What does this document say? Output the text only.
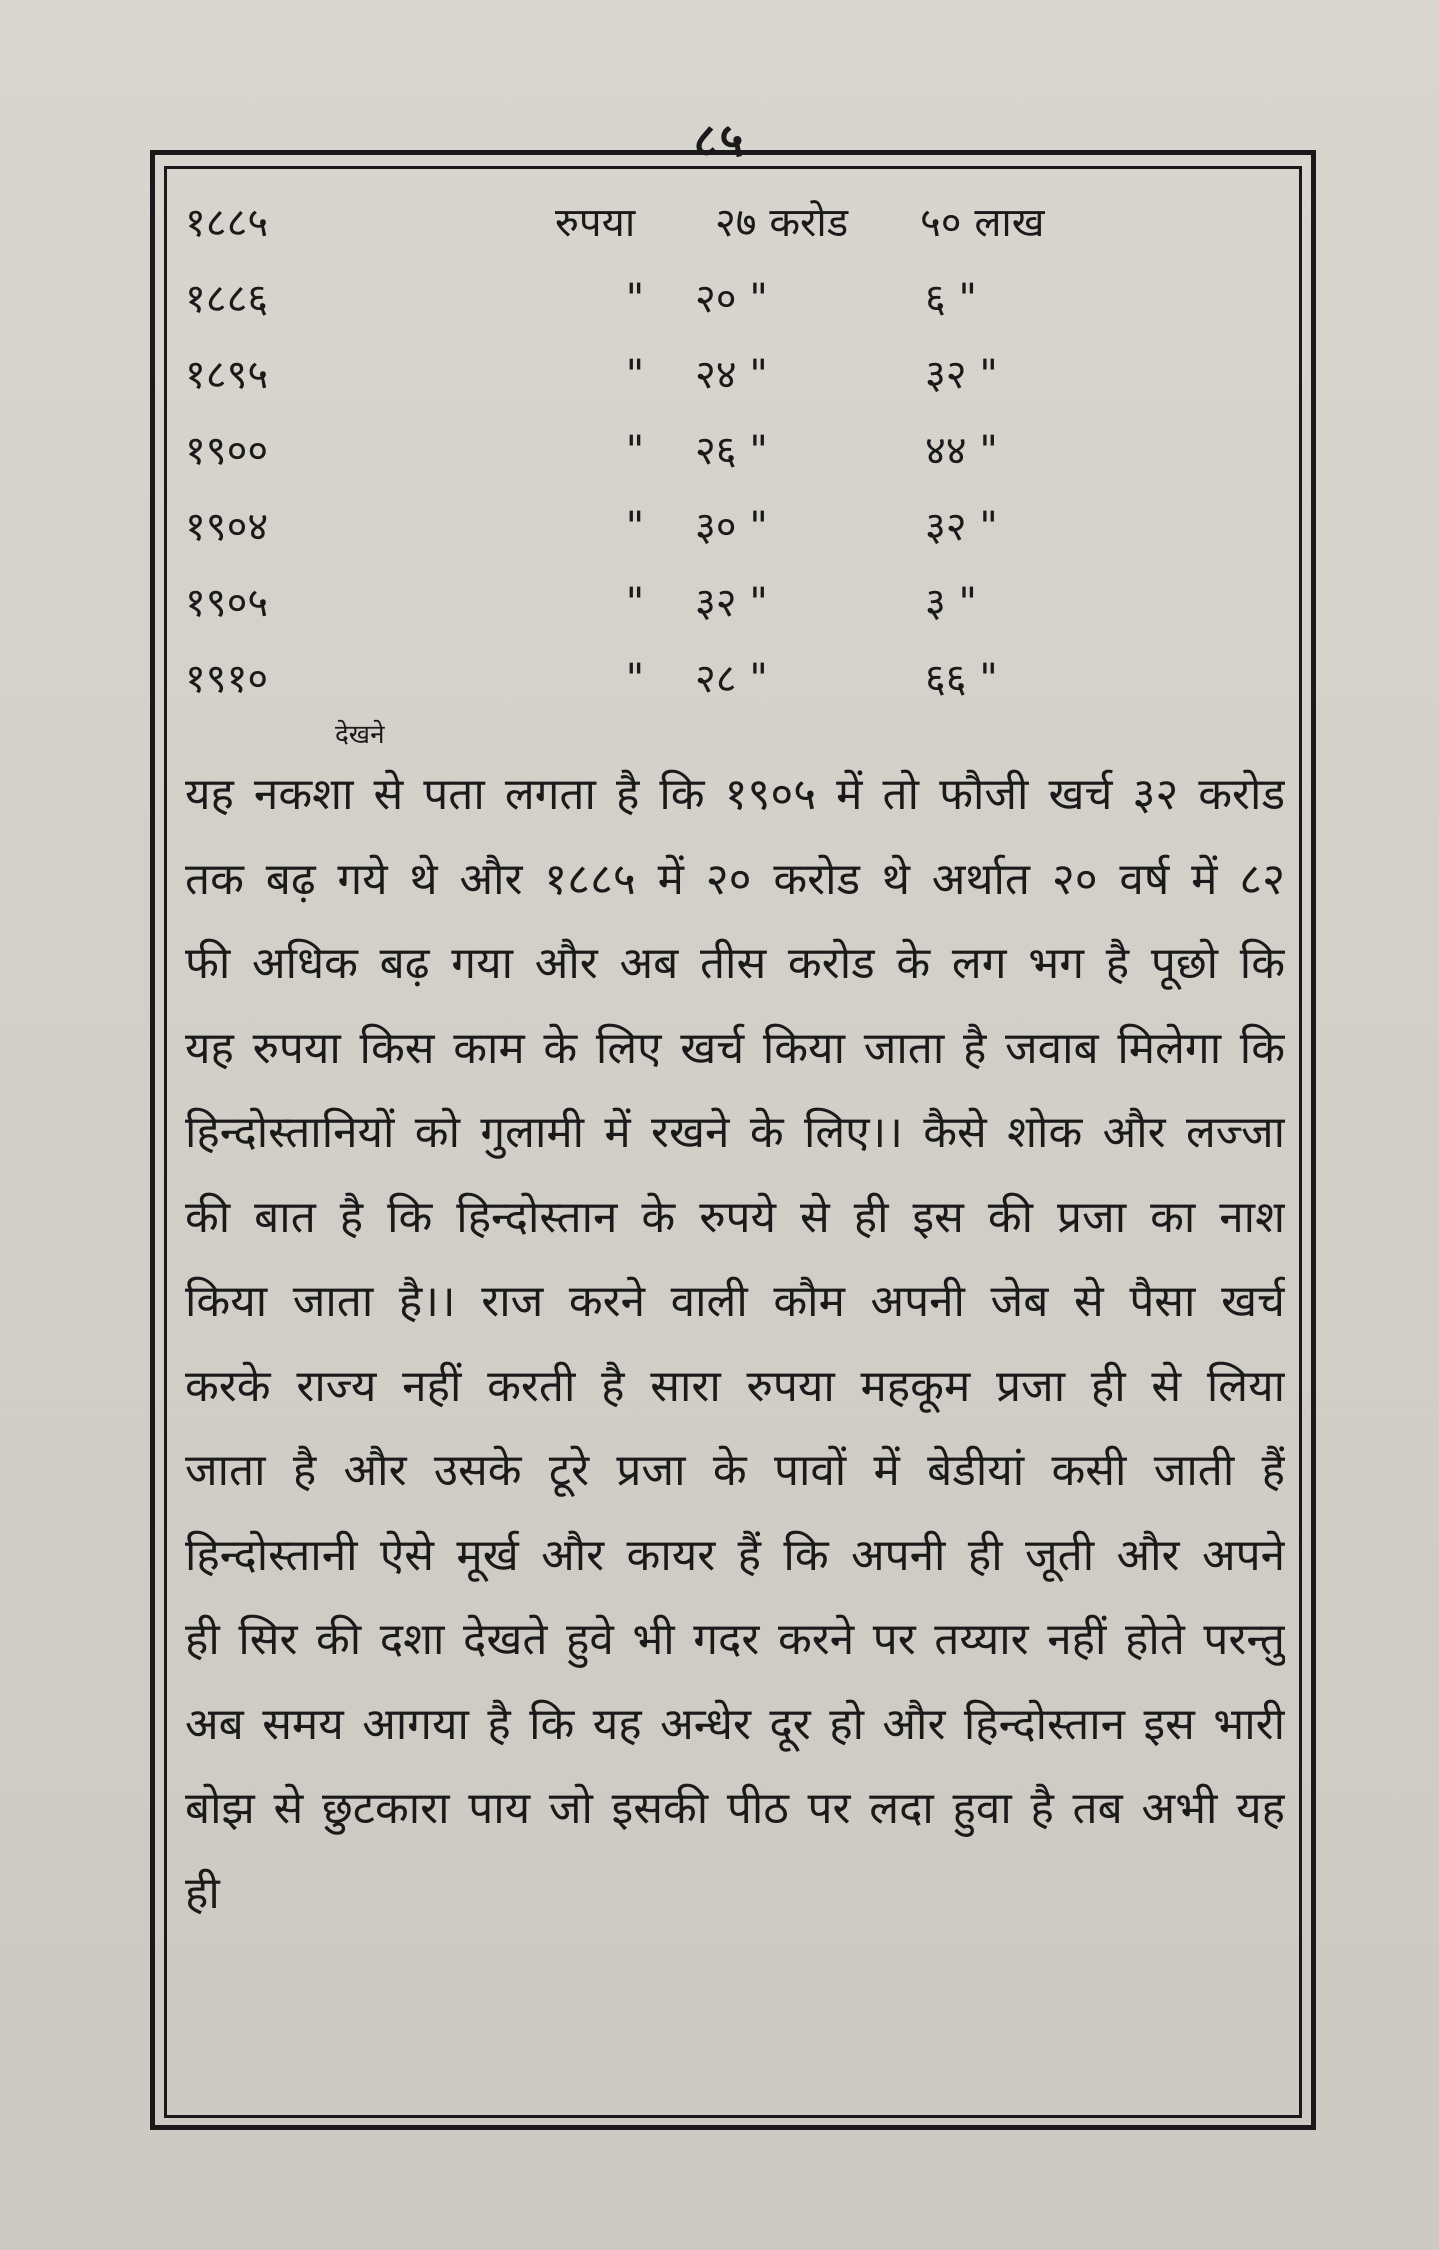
८५
१८८५	रुपया	२७ करोड	५० लाख
१८८६	"	२० "	६ "
१८९५	"	२४ "	३२ "
१९००	"	२६ "	४४ "
१९०४	"	३० "	३२ "
१९०५	"	३२ "	३ "
१९१०	"	२८ "	६६ "
देखने

यह नकशा से पता लगता है कि १९०५ में तो फौजी खर्च ३२ करोड तक बढ़ गये थे और १८८५ में २० करोड थे अर्थात २० वर्ष में ८२ फी अधिक बढ़ गया और अब तीस करोड के लग भग है पूछो कि यह रुपया किस काम के लिए खर्च किया जाता है जवाब मिलेगा कि हिन्दोस्तानियों को गुलामी में रखने के लिए।। कैसे शोक और लज्जा की बात है कि हिन्दोस्तान के रुपये से ही इस की प्रजा का नाश किया जाता है।। राज करने वाली कौम अपनी जेब से पैसा खर्च करके राज्य नहीं करती है सारा रुपया महकूम प्रजा ही से लिया जाता है और उसके टूरे प्रजा के पावों में बेडीयां कसी जाती हैं हिन्दोस्तानी ऐसे मूर्ख और कायर हैं कि अपनी ही जूती और अपने ही सिर की दशा देखते हुवे भी गदर करने पर तय्यार नहीं होते परन्तु अब समय आगया है कि यह अन्धेर दूर हो और हिन्दोस्तान इस भारी बोझ से छुटकारा पाय जो इसकी पीठ पर लदा हुवा है तब अभी यह ही
